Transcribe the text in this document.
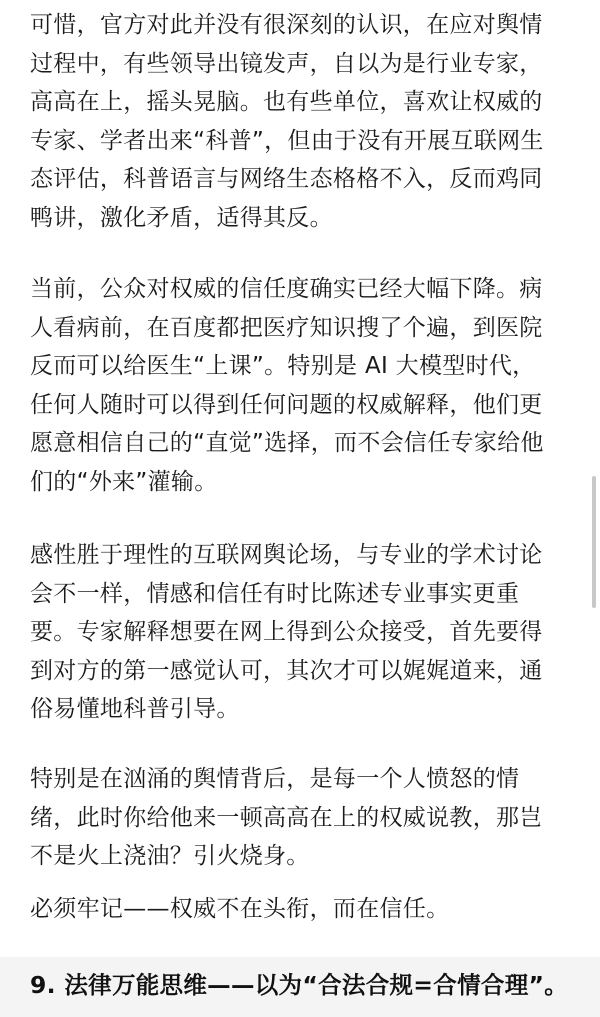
可惜，官方对此并没有很深刻的认识，在应对舆情
过程中，有些领导出镜发声，自以为是行业专家，
高高在上，摇头晃脑。也有些单位，喜欢让权威的
专家、学者出来“科普”，但由于没有开展互联网生
态评估，科普语言与网络生态格格不入，反而鸡同
鸭讲，激化矛盾，适得其反。

当前，公众对权威的信任度确实已经大幅下降。病
人看病前，在百度都把医疗知识搜了个遍，到医院
反而可以给医生“上课”。特别是 AI 大模型时代，
任何人随时可以得到任何问题的权威解释，他们更
愿意相信自己的“直觉”选择，而不会信任专家给他
们的“外来”灌输。

感性胜于理性的互联网舆论场，与专业的学术讨论
会不一样，情感和信任有时比陈述专业事实更重
要。专家解释想要在网上得到公众接受，首先要得
到对方的第一感觉认可，其次才可以娓娓道来，通
俗易懂地科普引导。

特别是在汹涌的舆情背后，是每一个人愤怒的情
绪，此时你给他来一顿高高在上的权威说教，那岂
不是火上浇油？引火烧身。

必须牢记——权威不在头衔，而在信任。

9. 法律万能思维——以为“合法合规=合情合理”。
